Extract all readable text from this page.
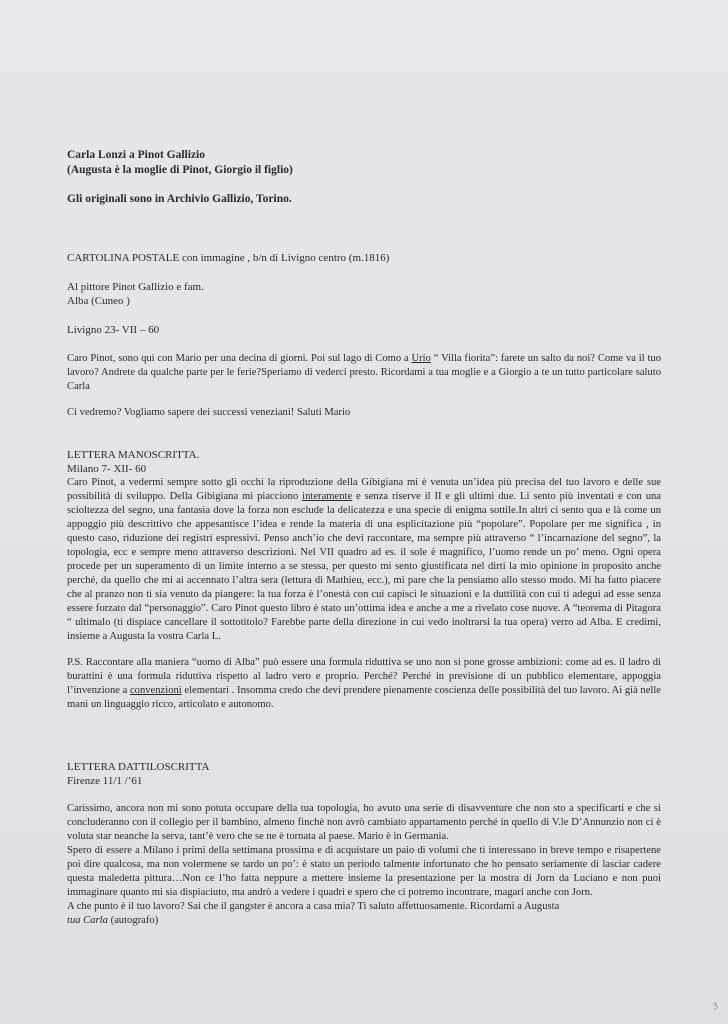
Carla Lonzi a Pinot Gallizio
(Augusta è la moglie di Pinot, Giorgio il figlio)
Gli originali sono in Archivio Gallizio, Torino.
CARTOLINA POSTALE con immagine , b/n di Livigno centro (m.1816)
Al pittore Pinot Gallizio e fam.
Alba (Cuneo )
Livigno 23- VII – 60
Caro Pinot, sono qui con Mario per una decina di giorni. Poi sul lago di Como a Urio “ Villa fiorita”: farete un salto da noi? Come va il tuo lavoro? Andrete da qualche parte per le ferie?Speriamo di vederci presto. Ricordami a tua moglie e a Giorgio a te un tutto particolare saluto Carla
Ci vedremo? Vogliamo sapere dei successi veneziani! Saluti Mario
LETTERA MANOSCRITTA.
Milano 7- XII- 60
Caro Pinot, a vedermi sempre sotto gli occhi la riproduzione della Gibigiana mi è venuta un’idea più precisa del tuo lavoro e delle sue possibilità di sviluppo. Della Gibigiana mi piacciono interamente e senza riserve il II e gli ultimi due. Li sento più inventati e con una scioltezza del segno, una fantasia dove la forza non esclude la delicatezza e una specie di enigma sottile.In altri ci sento qua e là come un appoggio più descrittivo che appesantisce l’idea e rende la materia di una esplicitazione più “popolare”. Popolare per me significa , in questo caso, riduzione dei registri espressivi. Penso anch’io che devi raccontare, ma sempre più attraverso “ l’incarnazione del segno”, la topologia, ecc e sempre meno attraverso descrizioni. Nel VII quadro ad es. il sole è magnifico, l’uomo rende un po’ meno. Ogni opera procede per un superamento di un limite interno a se stessa, per questo mi sento giustificata nel dirti la mio opinione in proposito anche perché, da quello che mi ai accennato l’altra sera (lettura di Mathieu, ecc.), mi pare che la pensiamo allo stesso modo. Mi ha fatto piacere che al pranzo non ti sia venuto da piangere: la tua forza è l’onestà con cui capisci le situazioni e la duttilità con cui ti adegui ad esse senza essere forzato dal “personaggio”. Caro Pinot questo libro è stato un’ottima idea e anche a me a rivelato cose nuove. A “teorema di Pitagora “ ultimalo (ti dispiace cancellare il sottotitolo? Farebbe parte della direzione in cui vedo inoltrarsi la tua opera) verro ad Alba. E credimi, insieme a Augusta la vostra Carla L.
P.S. Raccontare alla maniera “uomo di Alba” può essere una formula riduttiva se uno non si pone grosse ambizioni: come ad es. il ladro di burattini è una formula riduttiva rispetto al ladro vero e proprio. Perché? Perché in previsione di un pubblico elementare, appoggia l’invenzione a convenzioni elementari . Insomma credo che devi prendere pienamente coscienza delle possibilità del tuo lavoro. Ai già nelle mani un linguaggio ricco, articolato e autonomo.
LETTERA DATTILOSCRITTA
Firenze 11/1 /’61
Carissimo, ancora non mi sono potuta occupare della tua topologia, ho avuto una serie di disavventure che non sto a specificarti e che si concluderanno con il collegio per il bambino, almeno finchè non avrò cambiato appartamento perché in quello di V.le D’Annunzio non ci è voluta star neanche la serva, tant’è vero che se ne è tornata al paese. Mario è in Germania.
Spero di essere a Milano i primi della settimana prossima e di acquistare un paio di volumi che ti interessano in breve tempo e risapertene poi dire qualcosa, ma non volermene se tardo un po’: è stato un periodo talmente infortunato che ho pensato seriamente di lasciar cadere questa maledetta pittura…Non ce l’ho fatta neppure a mettere insieme la presentazione per la mostra di Jorn da Luciano e non puoi immaginare quanto mi sia dispiaciuto, ma andrò a vedere i quadri e spero che ci potremo incontrare, magari anche con Jorn.
A che punto è il tuo lavoro? Sai che il gangster è ancora a casa mia? Ti saluto affettuosamente. Ricordami a Augusta
tua Carla (autografo)
3
